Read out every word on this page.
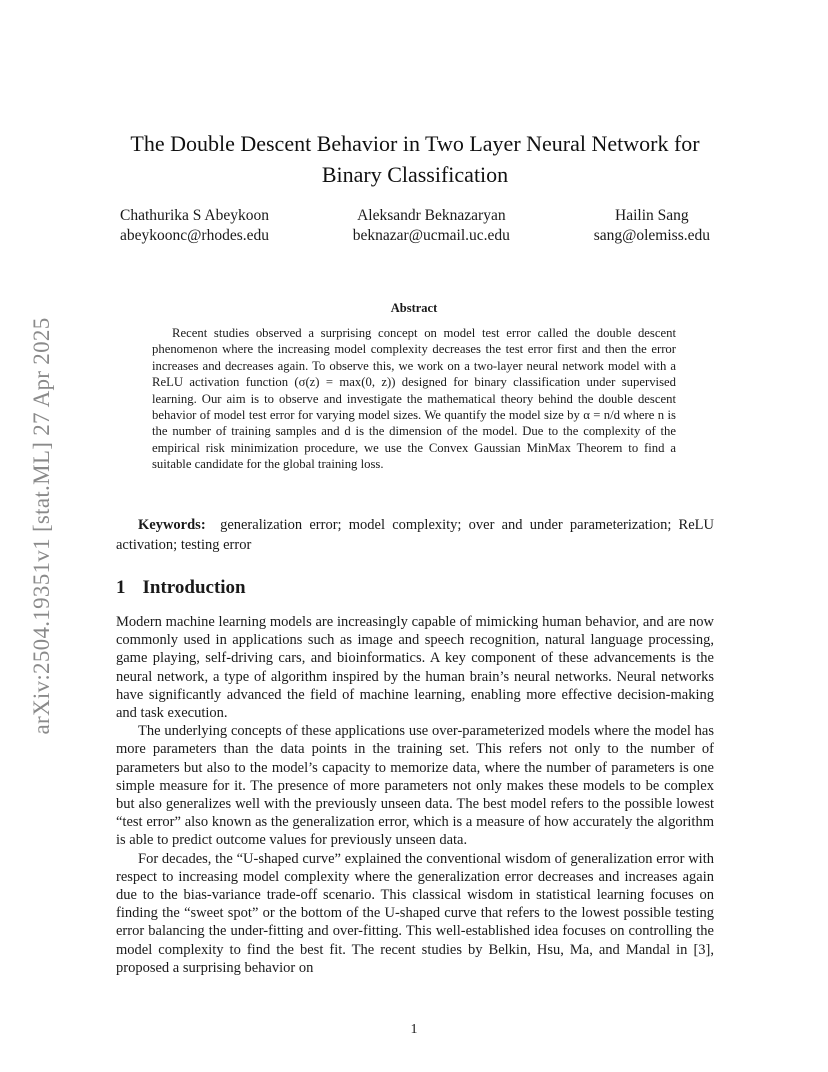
arXiv:2504.19351v1 [stat.ML] 27 Apr 2025
The Double Descent Behavior in Two Layer Neural Network for Binary Classification
Chathurika S Abeykoon
abeykoonc@rhodes.edu
Aleksandr Beknazaryan
beknazar@ucmail.uc.edu
Hailin Sang
sang@olemiss.edu
Abstract
Recent studies observed a surprising concept on model test error called the double descent phenomenon where the increasing model complexity decreases the test error first and then the error increases and decreases again. To observe this, we work on a two-layer neural network model with a ReLU activation function (σ(z) = max(0, z)) designed for binary classification under supervised learning. Our aim is to observe and investigate the mathematical theory behind the double descent behavior of model test error for varying model sizes. We quantify the model size by α = n/d where n is the number of training samples and d is the dimension of the model. Due to the complexity of the empirical risk minimization procedure, we use the Convex Gaussian MinMax Theorem to find a suitable candidate for the global training loss.
Keywords: generalization error; model complexity; over and under parameterization; ReLU activation; testing error
1 Introduction

Modern machine learning models are increasingly capable of mimicking human behavior, and are now commonly used in applications such as image and speech recognition, natural language processing, game playing, self-driving cars, and bioinformatics. A key component of these advancements is the neural network, a type of algorithm inspired by the human brain’s neural networks. Neural networks have significantly advanced the field of machine learning, enabling more effective decision-making and task execution.

The underlying concepts of these applications use over-parameterized models where the model has more parameters than the data points in the training set. This refers not only to the number of parameters but also to the model’s capacity to memorize data, where the number of parameters is one simple measure for it. The presence of more parameters not only makes these models to be complex but also generalizes well with the previously unseen data. The best model refers to the possible lowest “test error” also known as the generalization error, which is a measure of how accurately the algorithm is able to predict outcome values for previously unseen data.

For decades, the “U-shaped curve” explained the conventional wisdom of generalization error with respect to increasing model complexity where the generalization error decreases and increases again due to the bias-variance trade-off scenario. This classical wisdom in statistical learning focuses on finding the “sweet spot” or the bottom of the U-shaped curve that refers to the lowest possible testing error balancing the under-fitting and over-fitting. This well-established idea focuses on controlling the model complexity to find the best fit. The recent studies by Belkin, Hsu, Ma, and Mandal in [3], proposed a surprising behavior on

1
